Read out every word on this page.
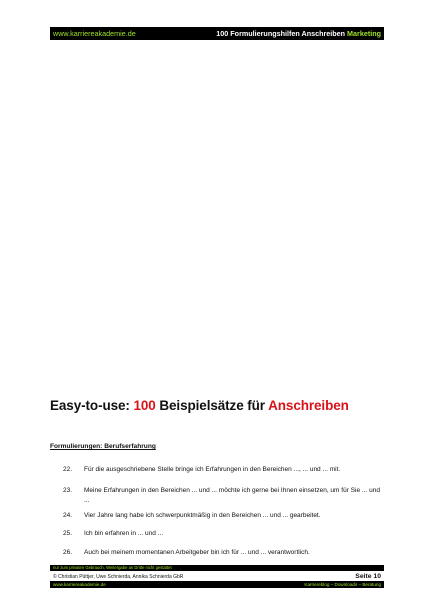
www.karriereakademie.de	100 Formulierungshilfen Anschreiben Marketing
Easy-to-use: 100 Beispielsätze für Anschreiben
Formulierungen: Berufserfahrung
22.	Für die ausgeschriebene Stelle bringe ich Erfahrungen in den Bereichen ..., ... und ... mit.
23.	Meine Erfahrungen in den Bereichen ... und ... möchte ich gerne bei Ihnen einsetzen, um für Sie ... und ...
24.	Vier Jahre lang habe ich schwerpunktmäßig in den Bereichen ... und ... gearbeitet.
25.	Ich bin erfahren in ... und ...
26.	Auch bei meinem momentanen Arbeitgeber bin ich für ... und ... verantwortlich.
nur zum privaten Gebrauch, Weitergabe an Dritte nicht gestattet
© Christian Püttjer, Uwe Schnierda, Annika Schnierda GbR	Seite 10
www.karriereakademie.de	Karriereblog – Downloads – Beratung
